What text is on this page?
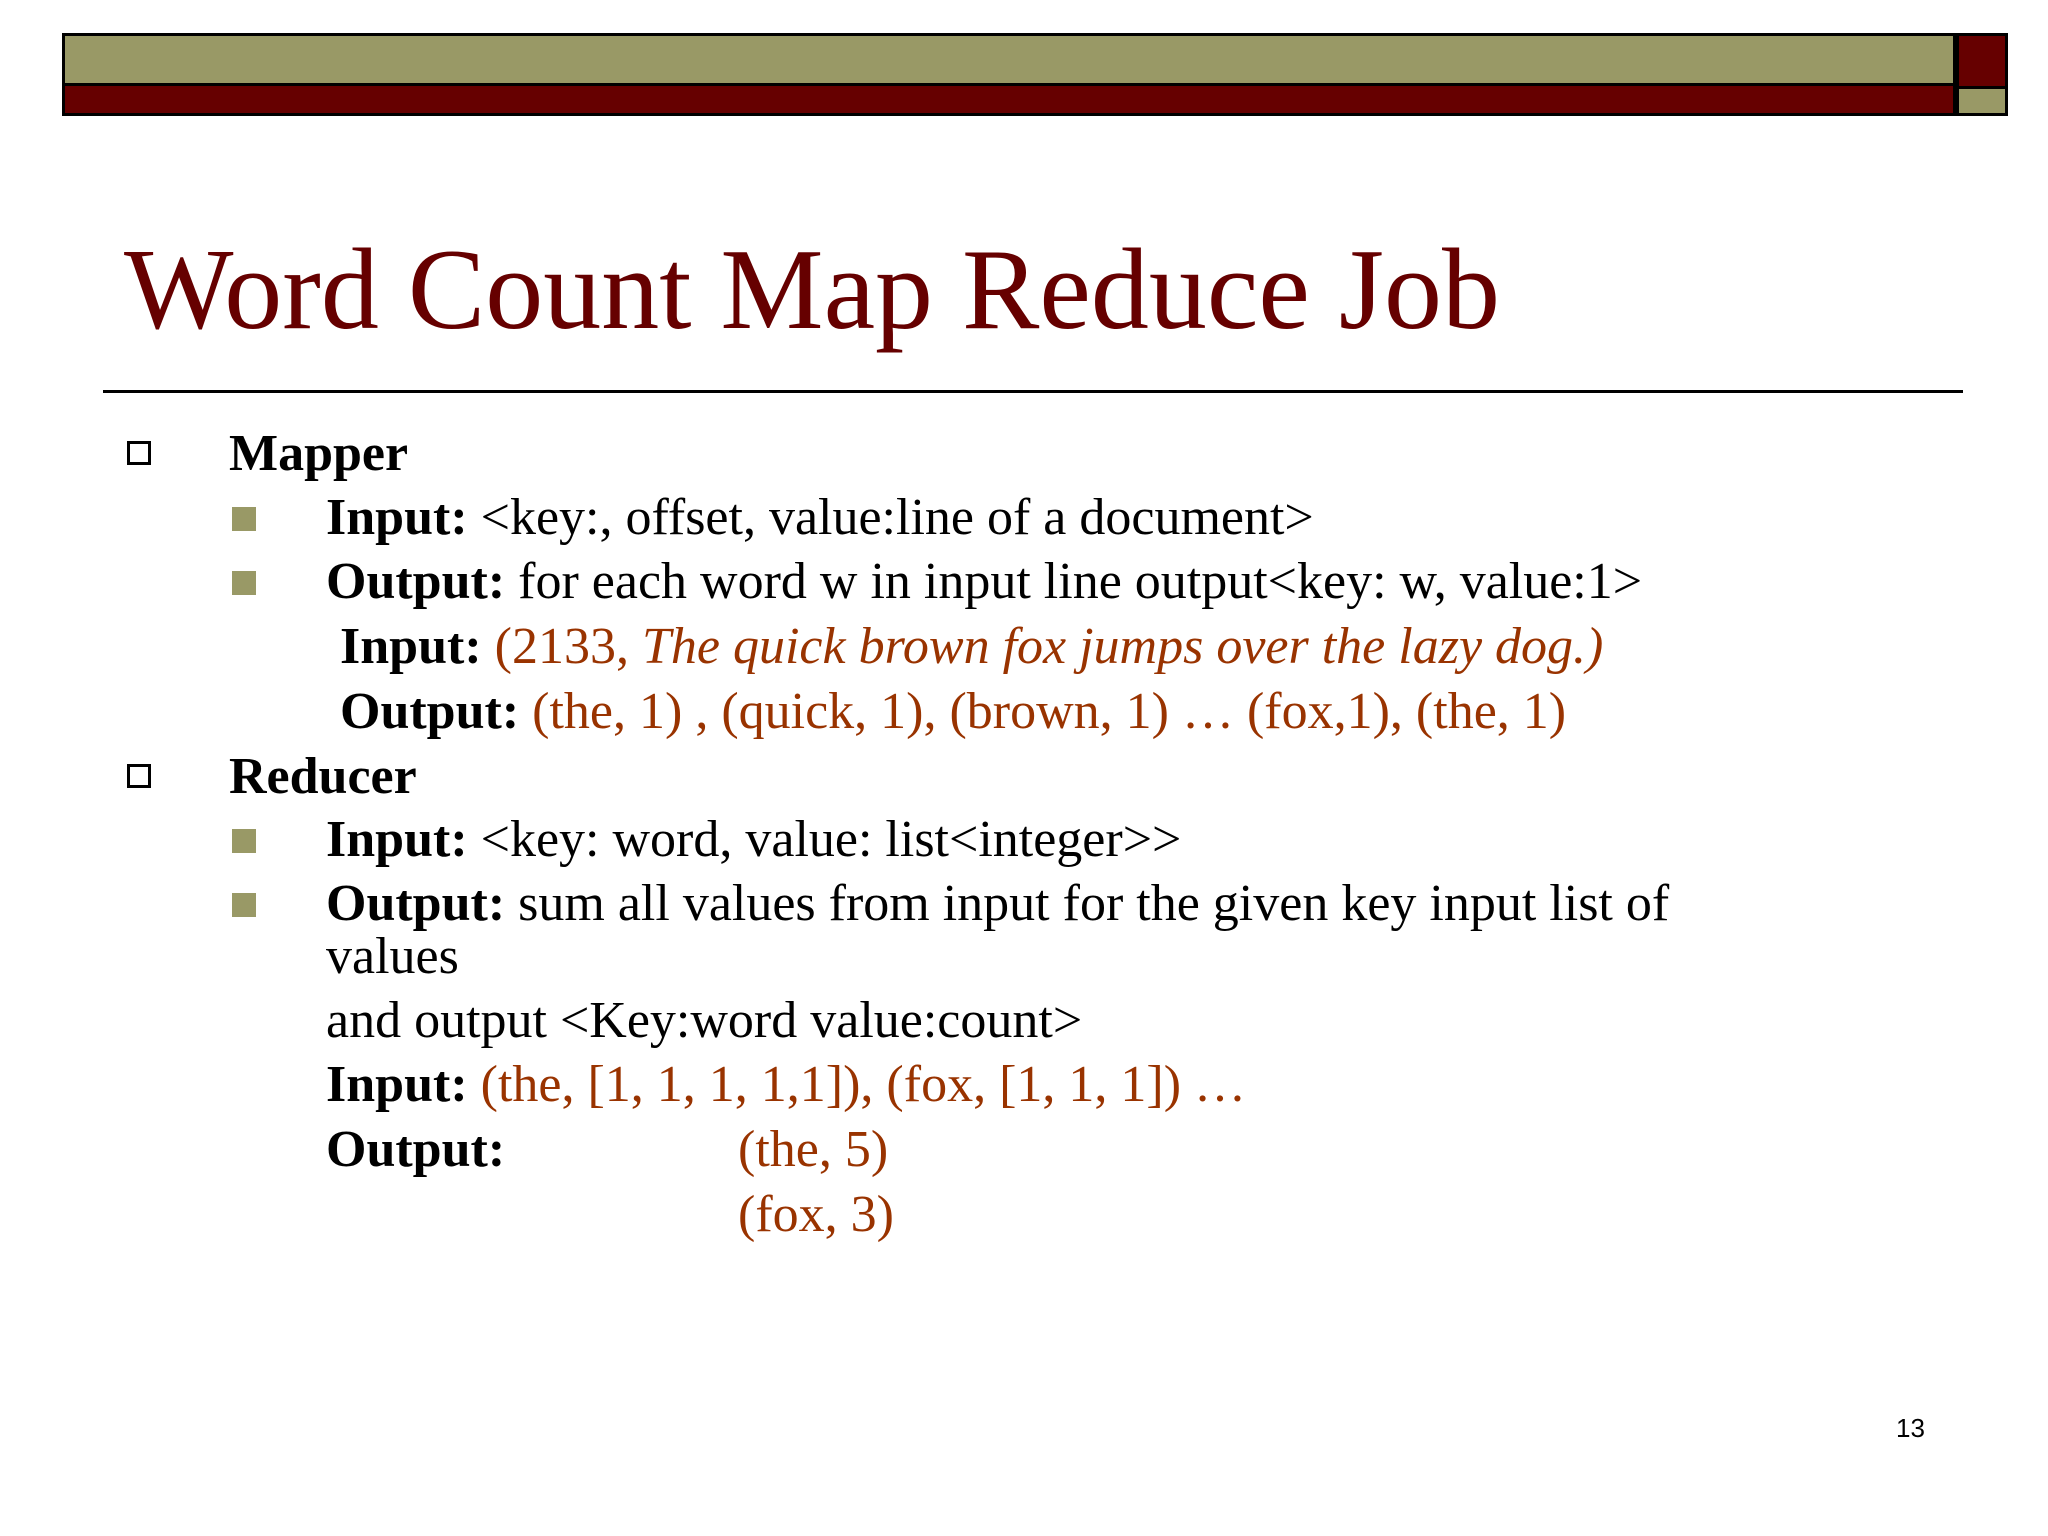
Word Count Map Reduce Job
Mapper
Input: <key:, offset, value:line of a document>
Output: for each word w in input line output<key: w, value:1>
Input: (2133, The quick brown fox jumps over the lazy dog.)
Output: (the, 1) , (quick, 1), (brown, 1) … (fox,1), (the, 1)
Reducer
Input: <key: word, value: list<integer>>
Output: sum all values from input for the given key input list of
values
and output <Key:word value:count>
Input: (the, [1, 1, 1, 1,1]), (fox, [1, 1, 1]) …
Output:	(the, 5)
(fox, 3)
13
